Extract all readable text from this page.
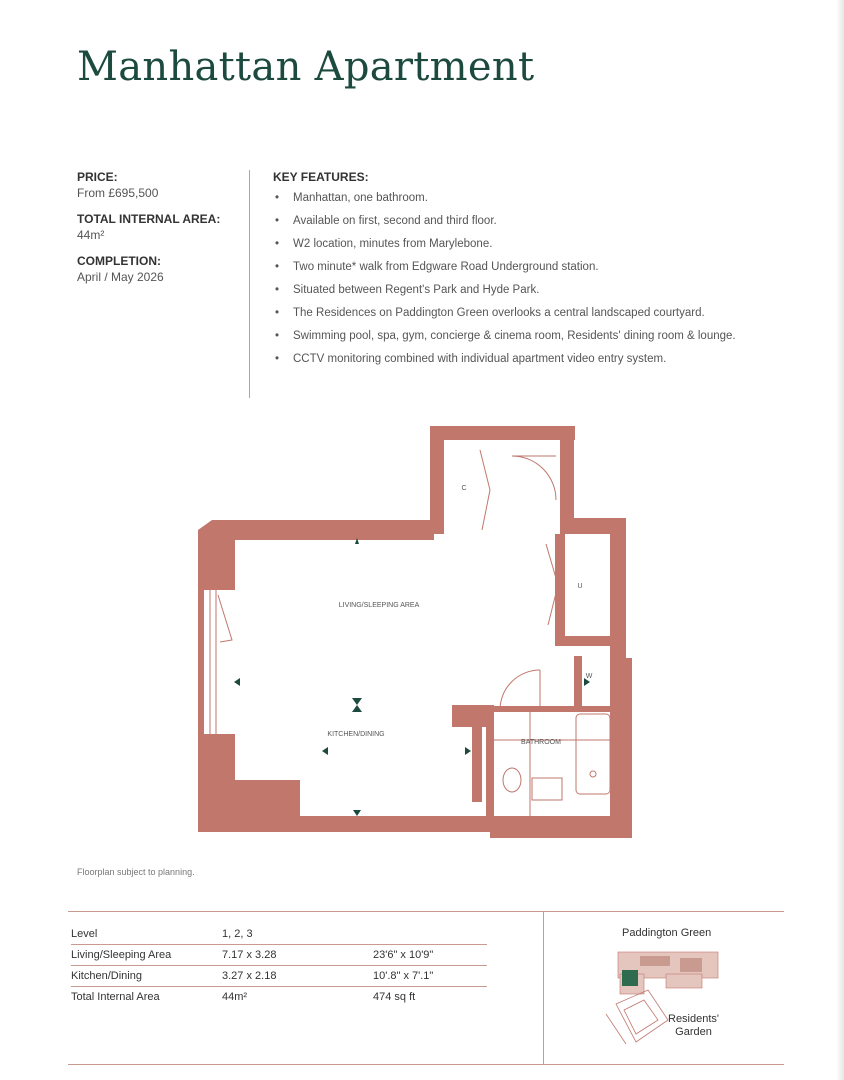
Manhattan Apartment
PRICE:
From £695,500
TOTAL INTERNAL AREA:
44m²
COMPLETION:
April / May 2026
KEY FEATURES:
• Manhattan, one bathroom.
• Available on first, second and third floor.
• W2 location, minutes from Marylebone.
• Two minute* walk from Edgware Road Underground station.
• Situated between Regent's Park and Hyde Park.
• The Residences on Paddington Green overlooks a central landscaped courtyard.
• Swimming pool, spa, gym, concierge & cinema room, Residents' dining room & lounge.
• CCTV monitoring combined with individual apartment video entry system.
LIVING/SLEEPING AREA
KITCHEN/DINING
BATHROOM
C
U
W
Floorplan subject to planning.
Level	1, 2, 3	
Living/Sleeping Area	7.17 x 3.28	23'6" x 10'9"
Kitchen/Dining	3.27 x 2.18	10'.8" x 7'.1"
Total Internal Area	44m²	474 sq ft
Paddington Green
Residents'
Garden
